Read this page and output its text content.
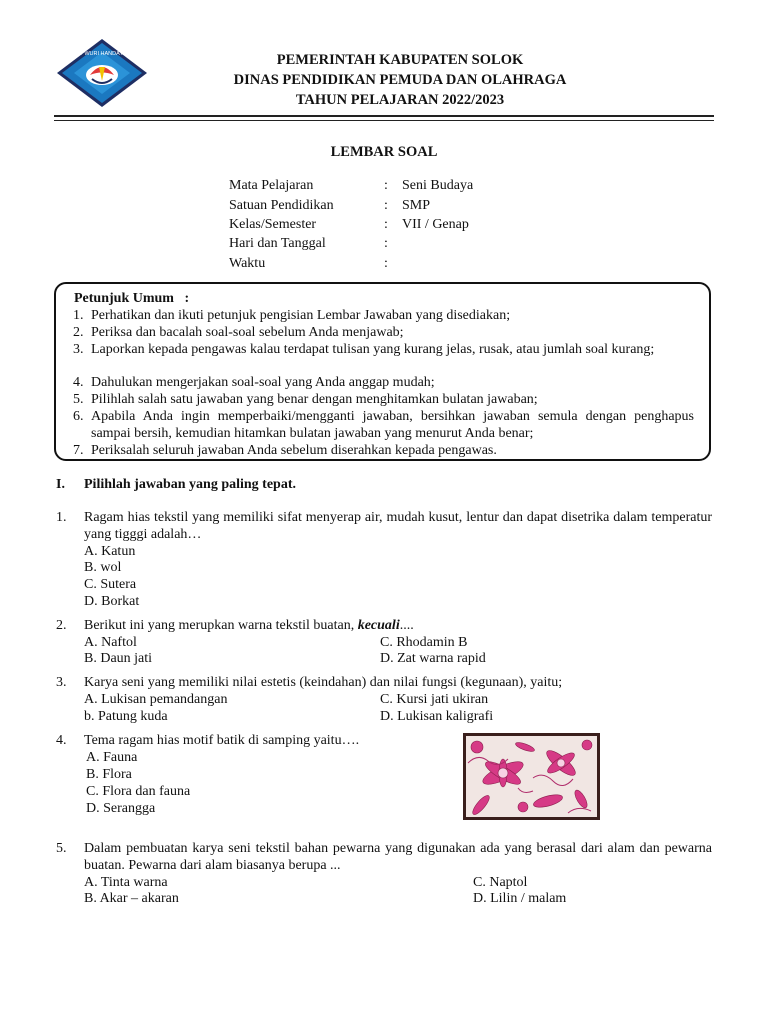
TUT WURI HANDAYANI	PEMERINTAH KABUPATEN SOLOK
DINAS PENDIDIKAN PEMUDA DAN OLAHRAGA
TAHUN PELAJARAN 2022/2023
LEMBAR SOAL
Mata Pelajaran	: Seni Budaya
Satuan Pendidikan	: SMP
Kelas/Semester	: VII / Genap
Hari dan Tanggal	:
Waktu	:
Petunjuk Umum   :
1. Perhatikan dan ikuti petunjuk pengisian Lembar Jawaban yang disediakan;
2. Periksa dan bacalah soal-soal sebelum Anda menjawab;
3. Laporkan kepada pengawas kalau terdapat tulisan yang kurang jelas, rusak, atau jumlah soal kurang;
4. Dahulukan mengerjakan soal-soal yang Anda anggap mudah;
5. Pilihlah salah satu jawaban yang benar dengan menghitamkan bulatan jawaban;
6. Apabila Anda ingin memperbaiki/mengganti jawaban, bersihkan jawaban semula dengan penghapus sampai bersih, kemudian hitamkan bulatan jawaban yang menurut Anda benar;
7. Periksalah seluruh jawaban Anda sebelum diserahkan kepada pengawas.
I. Pilihlah jawaban yang paling tepat.
1. Ragam hias tekstil yang memiliki sifat menyerap air, mudah kusut, lentur dan dapat disetrika dalam temperatur yang tigggi adalah…
A. Katun
B. wol
C. Sutera
D. Borkat
2. Berikut ini yang merupkan warna tekstil buatan, kecuali....
A. Naftol	C. Rhodamin B
B. Daun jati	D. Zat warna rapid
3. Karya seni yang memiliki nilai estetis (keindahan) dan nilai fungsi (kegunaan), yaitu;
A. Lukisan pemandangan	C. Kursi jati ukiran
b. Patung kuda	D. Lukisan kaligrafi
4. Tema ragam hias motif batik di samping yaitu….
A. Fauna
B. Flora
C. Flora dan fauna
D. Serangga
5. Dalam pembuatan karya seni tekstil bahan pewarna yang digunakan ada yang berasal dari alam dan pewarna buatan. Pewarna dari alam biasanya berupa ...
A. Tinta warna	C. Naptol
B. Akar – akaran	D. Lilin / malam
